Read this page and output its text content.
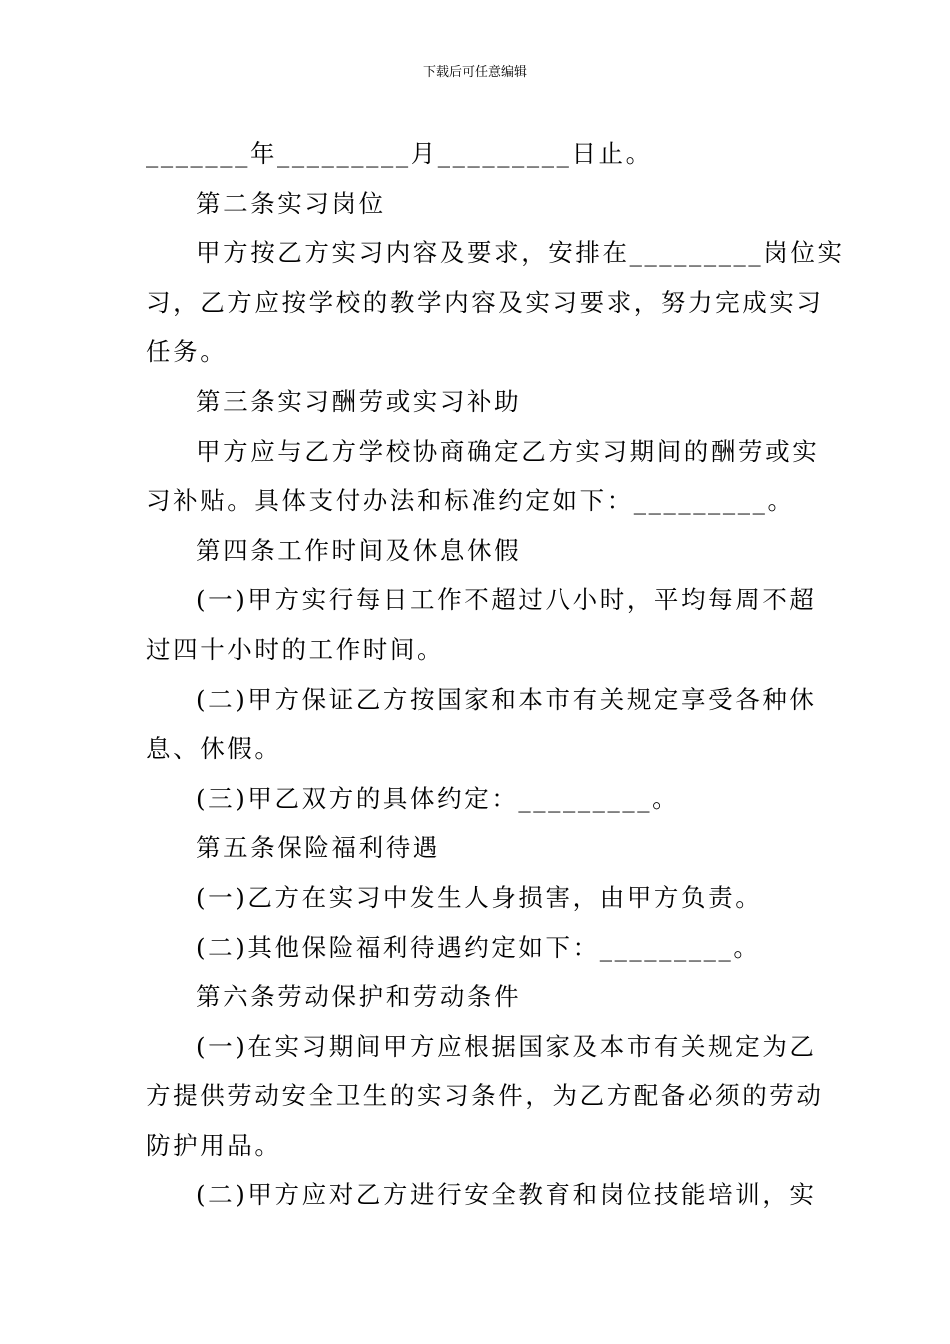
下载后可任意编辑
_______年_________月_________日止。
第二条实习岗位
甲方按乙方实习内容及要求，安排在_________岗位实
习，乙方应按学校的教学内容及实习要求，努力完成实习
任务。
第三条实习酬劳或实习补助
甲方应与乙方学校协商确定乙方实习期间的酬劳或实
习补贴。具体支付办法和标准约定如下：_________。
第四条工作时间及休息休假
(一)甲方实行每日工作不超过八小时，平均每周不超
过四十小时的工作时间。
(二)甲方保证乙方按国家和本市有关规定享受各种休
息、休假。
(三)甲乙双方的具体约定：_________。
第五条保险福利待遇
(一)乙方在实习中发生人身损害，由甲方负责。
(二)其他保险福利待遇约定如下：_________。
第六条劳动保护和劳动条件
(一)在实习期间甲方应根据国家及本市有关规定为乙
方提供劳动安全卫生的实习条件，为乙方配备必须的劳动
防护用品。
(二)甲方应对乙方进行安全教育和岗位技能培训，实
